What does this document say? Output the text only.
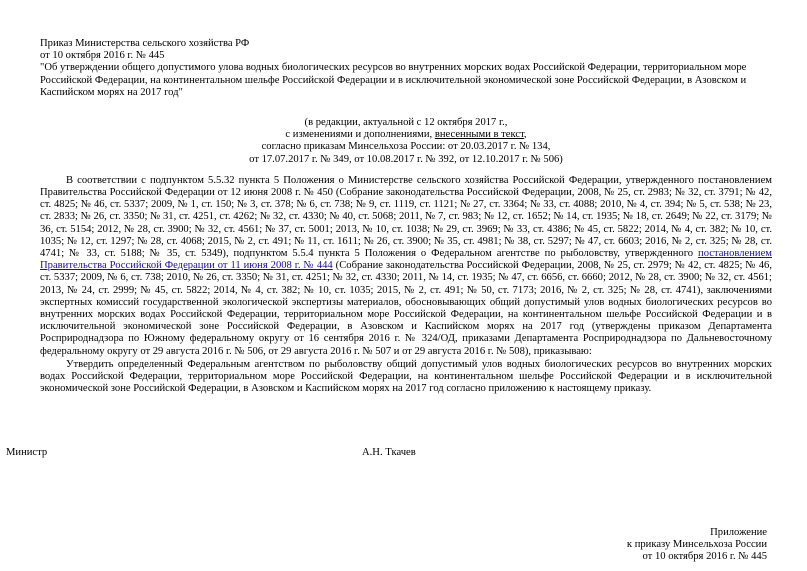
Приказ Министерства сельского хозяйства РФ
от 10 октября 2016 г. № 445
"Об утверждении общего допустимого улова водных биологических ресурсов во внутренних морских водах Российской Федерации, территориальном море Российской Федерации, на континентальном шельфе Российской Федерации и в исключительной экономической зоне Российской Федерации, в Азовском и Каспийском морях на 2017 год"
(в редакции, актуальной с 12 октября 2017 г.,
с изменениями и дополнениями, внесенными в текст,
согласно приказам Минсельхоза России: от 20.03.2017 г. № 134,
от 17.07.2017 г. № 349, от 10.08.2017 г. № 392, от 12.10.2017 г. № 506)
В соответствии с подпунктом 5.5.32 пункта 5 Положения о Министерстве сельского хозяйства Российской Федерации, утвержденного постановлением Правительства Российской Федерации от 12 июня 2008 г. № 450 (Собрание законодательства Российской Федерации, 2008, № 25, ст. 2983; № 32, ст. 3791; № 42, ст. 4825; № 46, ст. 5337; 2009, № 1, ст. 150; № 3, ст. 378; № 6, ст. 738; № 9, ст. 1119, ст. 1121; № 27, ст. 3364; № 33, ст. 4088; 2010, № 4, ст. 394; № 5, ст. 538; № 23, ст. 2833; № 26, ст. 3350; № 31, ст. 4251, ст. 4262; № 32, ст. 4330; № 40, ст. 5068; 2011, № 7, ст. 983; № 12, ст. 1652; № 14, ст. 1935; № 18, ст. 2649; № 22, ст. 3179; № 36, ст. 5154; 2012, № 28, ст. 3900; № 32, ст. 4561; № 37, ст. 5001; 2013, № 10, ст. 1038; № 29, ст. 3969; № 33, ст. 4386; № 45, ст. 5822; 2014, № 4, ст. 382; № 10, ст. 1035; № 12, ст. 1297; № 28, ст. 4068; 2015, № 2, ст. 491; № 11, ст. 1611; № 26, ст. 3900; № 35, ст. 4981; № 38, ст. 5297; № 47, ст. 6603; 2016, № 2, ст. 325; № 28, ст. 4741; № 33, ст. 5188; № 35, ст. 5349), подпунктом 5.5.4 пункта 5 Положения о Федеральном агентстве по рыболовству, утвержденного постановлением Правительства Российской Федерации от 11 июня 2008 г. № 444 (Собрание законодательства Российской Федерации, 2008, № 25, ст. 2979; № 42, ст. 4825; № 46, ст. 5337; 2009, № 6, ст. 738; 2010, № 26, ст. 3350; № 31, ст. 4251; № 32, ст. 4330; 2011, № 14, ст. 1935; № 47, ст. 6656, ст. 6660; 2012, № 28, ст. 3900; № 32, ст. 4561; 2013, № 24, ст. 2999; № 45, ст. 5822; 2014, № 4, ст. 382; № 10, ст. 1035; 2015, № 2, ст. 491; № 50, ст. 7173; 2016, № 2, ст. 325; № 28, ст. 4741), заключениями экспертных комиссий государственной экологической экспертизы материалов, обосновывающих общий допустимый улов водных биологических ресурсов во внутренних морских водах Российской Федерации, территориальном море Российской Федерации, на континентальном шельфе Российской Федерации и в исключительной экономической зоне Российской Федерации, в Азовском и Каспийском морях на 2017 год (утверждены приказом Департамента Росприроднадзора по Южному федеральному округу от 16 сентября 2016 г. № 324/ОД, приказами Департамента Росприроднадзора по Дальневосточному федеральному округу от 29 августа 2016 г. № 506, от 29 августа 2016 г. № 507 и от 29 августа 2016 г. № 508), приказываю:
Утвердить определенный Федеральным агентством по рыболовству общий допустимый улов водных биологических ресурсов во внутренних морских водах Российской Федерации, территориальном море Российской Федерации, на континентальном шельфе Российской Федерации и в исключительной экономической зоне Российской Федерации, в Азовском и Каспийском морях на 2017 год согласно приложению к настоящему приказу.
Министр	А.Н. Ткачев
Приложение
к приказу Минсельхоза России
от 10 октября 2016 г. № 445
